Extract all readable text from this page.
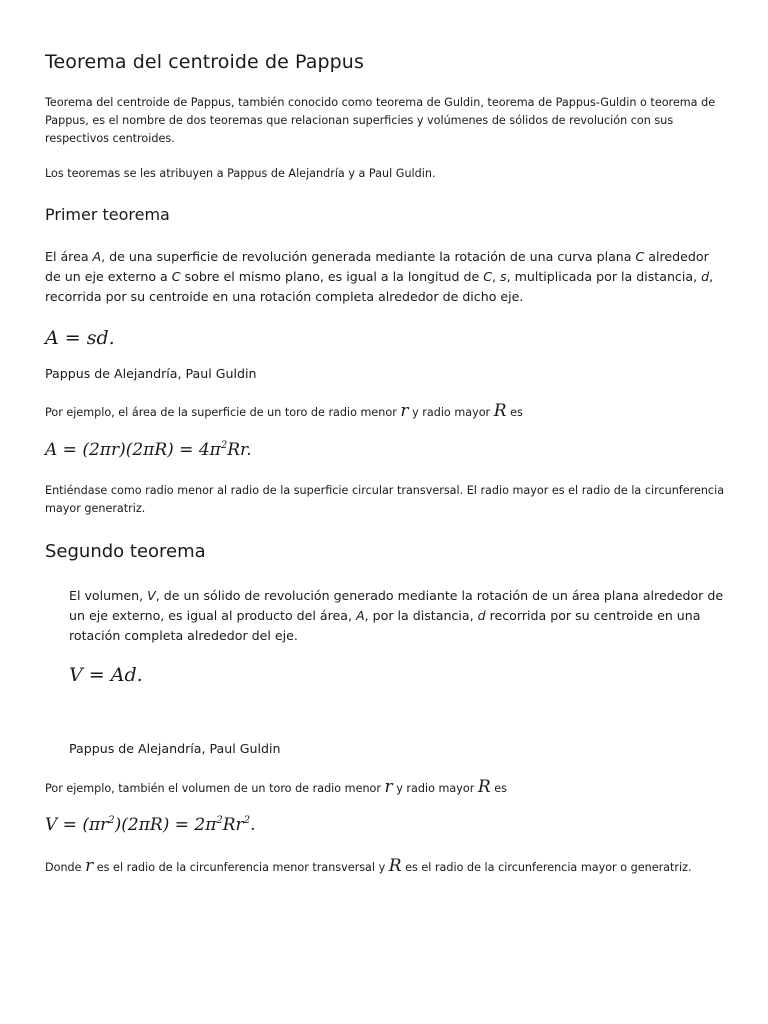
Teorema del centroide de Pappus

Teorema del centroide de Pappus, también conocido como teorema de Guldin, teorema de Pappus-Guldin o teorema de Pappus, es el nombre de dos teoremas que relacionan superficies y volúmenes de sólidos de revolución con sus respectivos centroides.

Los teoremas se les atribuyen a Pappus de Alejandría y a Paul Guldin.

Primer teorema

El área A, de una superficie de revolución generada mediante la rotación de una curva plana C alrededor de un eje externo a C sobre el mismo plano, es igual a la longitud de C, s, multiplicada por la distancia, d, recorrida por su centroide en una rotación completa alrededor de dicho eje.

A = sd.

Pappus de Alejandría, Paul Guldin

Por ejemplo, el área de la superficie de un toro de radio menor r y radio mayor R es

$A = (2\pi r)(2\pi R) = 4\pi^2Rr$.

Entiéndase como radio menor al radio de la superficie circular transversal. El radio mayor es el radio de la circunferencia mayor generatriz.

Segundo teorema

El volumen, V, de un sólido de revolución generado mediante la rotación de un área plana alrededor de un eje externo, es igual al producto del área, A, por la distancia, d recorrida por su centroide en una rotación completa alrededor del eje.

V = Ad.

Pappus de Alejandría, Paul Guldin

Por ejemplo, también el volumen de un toro de radio menor r y radio mayor R es

$V = (\pi r^2)(2\pi R) = 2\pi^2Rr^2$.

Donde r es el radio de la circunferencia menor transversal y R es el radio de la circunferencia mayor o generatriz.
